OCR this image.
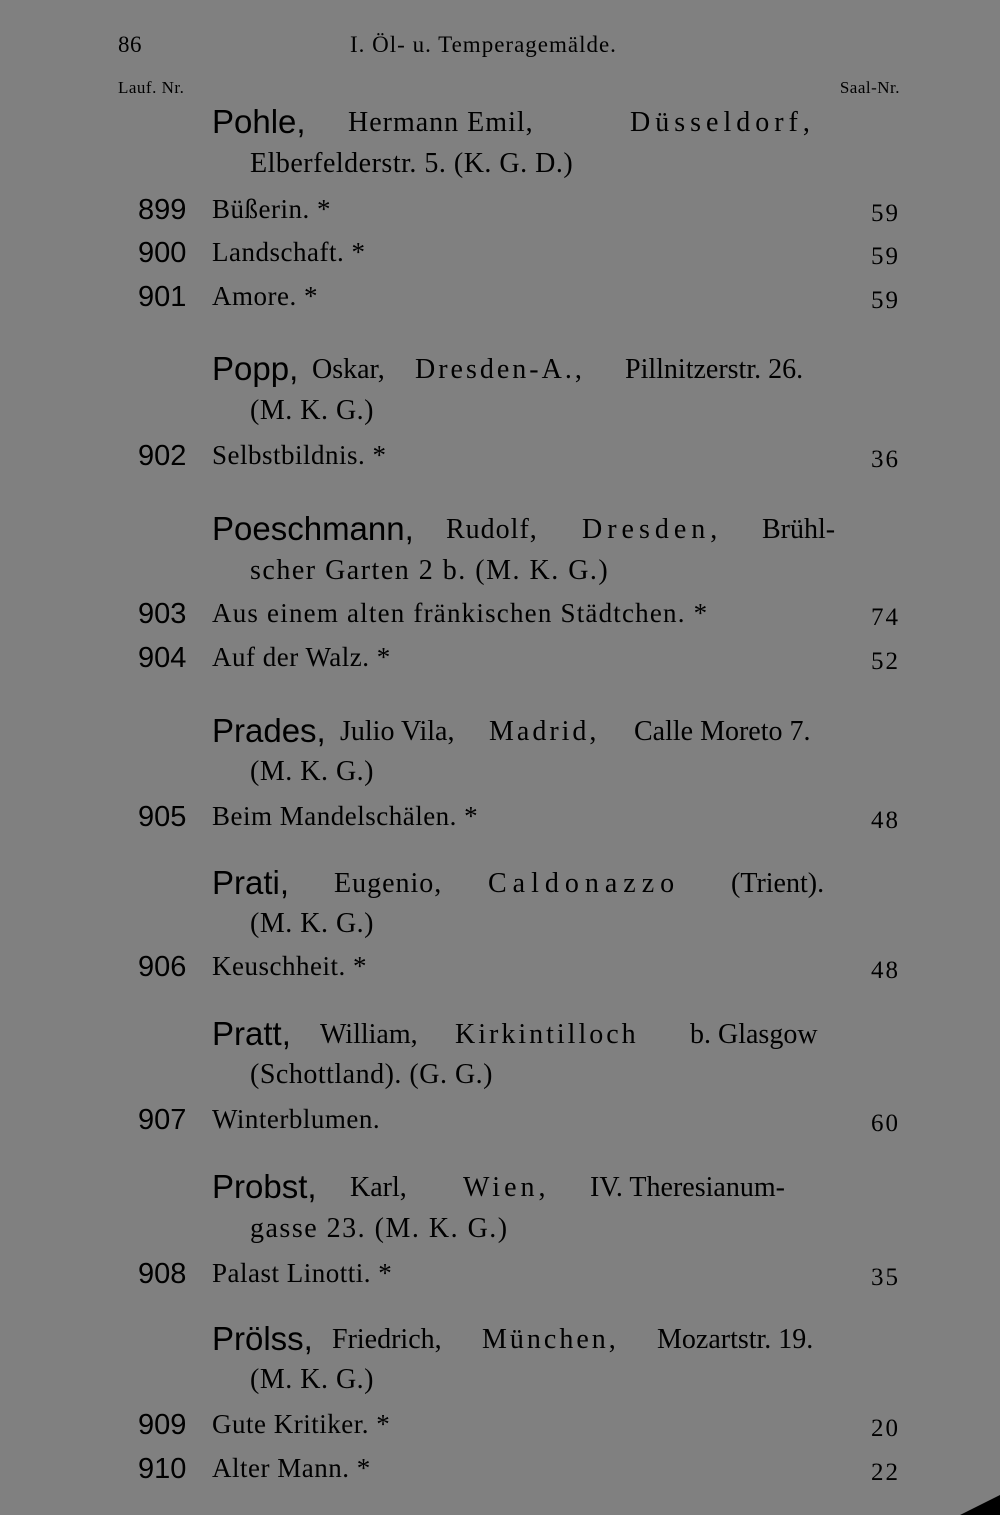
86	I. Öl- u. Temperagemälde.
Lauf. Nr.	Saal-Nr.
Pohle, Hermann Emil,	Düsseldorf,
Elberfelderstr. 5. (K. G. D.)
899 Büßerin. *	59
900 Landschaft. *	59
901 Amore. *	59
Popp, Oskar, Dresden-A., Pillnitzerstr. 26.
(M. K. G.)
902 Selbstbildnis. *	36
Poeschmann, Rudolf, Dresden, Brühl-
scher Garten 2 b. (M. K. G.)
903 Aus einem alten fränkischen Städtchen. *	74
904 Auf der Walz. *	52
Prades, Julio Vila, Madrid, Calle Moreto 7.
(M. K. G.)
905 Beim Mandelschälen. *	48
Prati, Eugenio, Caldonazzo (Trient).
(M. K. G.)
906 Keuschheit. *	48
Pratt, William, Kirkintilloch b. Glasgow
(Schottland). (G. G.)
907 Winterblumen.	60
Probst, Karl, Wien, IV. Theresianum-
gasse 23. (M. K. G.)
908 Palast Linotti. *	35
Prölss, Friedrich, München, Mozartstr. 19.
(M. K. G.)
909 Gute Kritiker. *	20
910 Alter Mann. *	22
